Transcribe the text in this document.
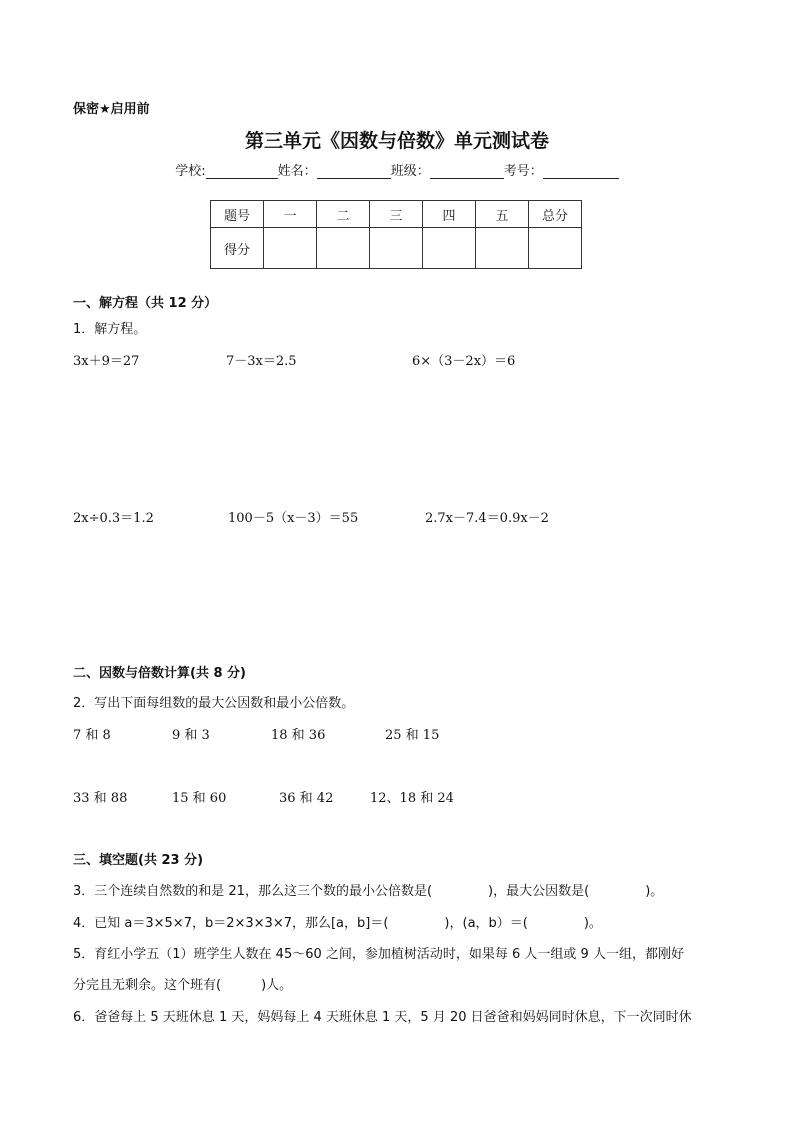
保密★启用前
第三单元《因数与倍数》单元测试卷
学校:	姓名：	班级：	考号：
题号	一	二	三	四	五	总分
得分						
一、解方程（共 12 分）
1．解方程。
3x＋9＝27	7－3x＝2.5	6×（3－2x）＝6
2x÷0.3＝1.2	100－5（x－3）＝55	2.7x－7.4＝0.9x－2
二、因数与倍数计算(共 8 分)
2．写出下面每组数的最大公因数和最小公倍数。
7 和 8	9 和 3	18 和 36	25 和 15
33 和 88	15 和 60	36 和 42	12、18 和 24
三、填空题(共 23 分)
3．三个连续自然数的和是 21，那么这三个数的最小公倍数是(	)，最大公因数是(	)。
4．已知 a＝3×5×7，b＝2×3×3×7，那么[a，b]＝(	)，(a，b）＝(	)。
5．育红小学五（1）班学生人数在 45～60 之间，参加植树活动时，如果每 6 人一组或 9 人一组，都刚好
分完且无剩余。这个班有(	)人。
6．爸爸每上 5 天班休息 1 天，妈妈每上 4 天班休息 1 天，5 月 20 日爸爸和妈妈同时休息，下一次同时休
